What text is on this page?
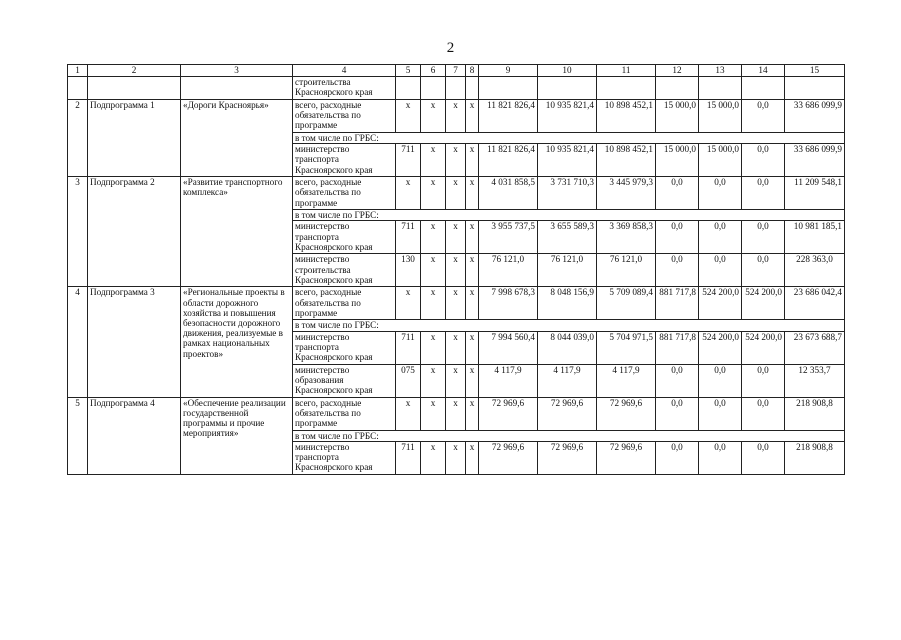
2
1	2	3	4	5	6	7	8	9	10	11	12	13	14	15
			строительства Красноярского края											
2	Подпрограмма 1	«Дороги Красноярья»	всего, расходные обязательства по программе	x	x	x	x	11 821 826,4	10 935 821,4	10 898 452,1	15 000,0	15 000,0	0,0	33 686 099,9
			в том числе по ГРБС:											
			министерство транспорта Красноярского края	711	x	x	x	11 821 826,4	10 935 821,4	10 898 452,1	15 000,0	15 000,0	0,0	33 686 099,9
3	Подпрограмма 2	«Развитие транспортного комплекса»	всего, расходные обязательства по программе	x	x	x	x	4 031 858,5	3 731 710,3	3 445 979,3	0,0	0,0	0,0	11 209 548,1
			в том числе по ГРБС:											
			министерство транспорта Красноярского края	711	x	x	x	3 955 737,5	3 655 589,3	3 369 858,3	0,0	0,0	0,0	10 981 185,1
			министерство строительства Красноярского края	130	x	x	x	76 121,0	76 121,0	76 121,0	0,0	0,0	0,0	228 363,0
4	Подпрограмма 3	«Региональные проекты в области дорожного хозяйства и повышения безопасности дорожного движения, реализуемые в рамках национальных проектов»	всего, расходные обязательства по программе	x	x	x	x	7 998 678,3	8 048 156,9	5 709 089,4	881 717,8	524 200,0	524 200,0	23 686 042,4
			в том числе по ГРБС:											
			министерство транспорта Красноярского края	711	x	x	x	7 994 560,4	8 044 039,0	5 704 971,5	881 717,8	524 200,0	524 200,0	23 673 688,7
			министерство образования Красноярского края	075	x	x	x	4 117,9	4 117,9	4 117,9	0,0	0,0	0,0	12 353,7
5	Подпрограмма 4	«Обеспечение реализации государственной программы и прочие мероприятия»	всего, расходные обязательства по программе	x	x	x	x	72 969,6	72 969,6	72 969,6	0,0	0,0	0,0	218 908,8
			в том числе по ГРБС:											
			министерство транспорта Красноярского края	711	x	x	x	72 969,6	72 969,6	72 969,6	0,0	0,0	0,0	218 908,8
